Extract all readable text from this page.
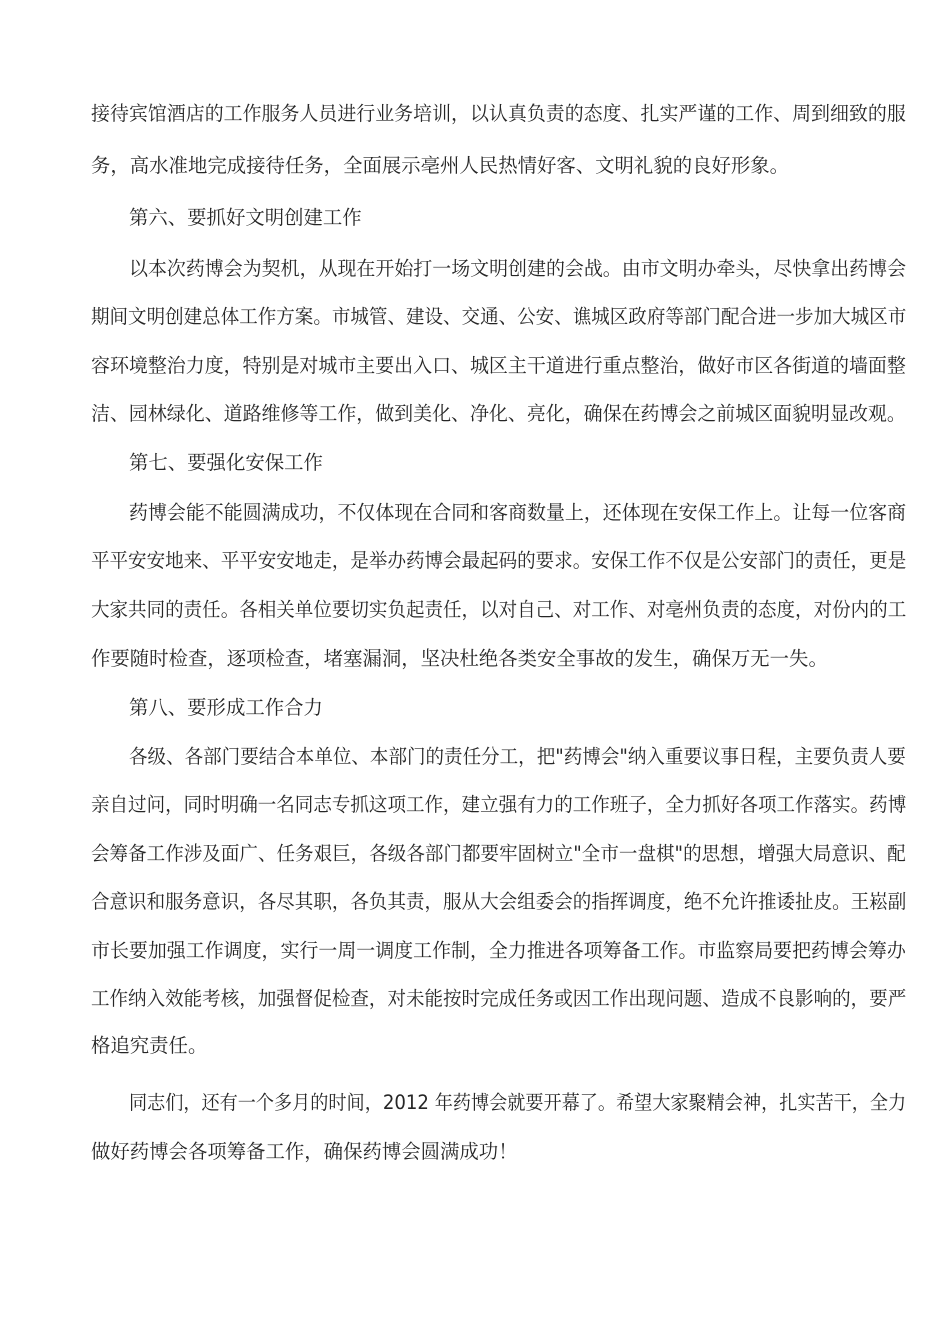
接待宾馆酒店的工作服务人员进行业务培训，以认真负责的态度、扎实严谨的工作、周到细致的服
务，高水准地完成接待任务，全面展示亳州人民热情好客、文明礼貌的良好形象。
第六、要抓好文明创建工作
以本次药博会为契机，从现在开始打一场文明创建的会战。由市文明办牵头，尽快拿出药博会
期间文明创建总体工作方案。市城管、建设、交通、公安、谯城区政府等部门配合进一步加大城区市
容环境整治力度，特别是对城市主要出入口、城区主干道进行重点整治，做好市区各街道的墙面整
洁、园林绿化、道路维修等工作，做到美化、净化、亮化，确保在药博会之前城区面貌明显改观。
第七、要强化安保工作
药博会能不能圆满成功，不仅体现在合同和客商数量上，还体现在安保工作上。让每一位客商
平平安安地来、平平安安地走，是举办药博会最起码的要求。安保工作不仅是公安部门的责任，更是
大家共同的责任。各相关单位要切实负起责任，以对自己、对工作、对亳州负责的态度，对份内的工
作要随时检查，逐项检查，堵塞漏洞，坚决杜绝各类安全事故的发生，确保万无一失。
第八、要形成工作合力
各级、各部门要结合本单位、本部门的责任分工，把"药博会"纳入重要议事日程，主要负责人要
亲自过问，同时明确一名同志专抓这项工作，建立强有力的工作班子，全力抓好各项工作落实。药博
会筹备工作涉及面广、任务艰巨，各级各部门都要牢固树立"全市一盘棋"的思想，增强大局意识、配
合意识和服务意识，各尽其职，各负其责，服从大会组委会的指挥调度，绝不允许推诿扯皮。王崧副
市长要加强工作调度，实行一周一调度工作制，全力推进各项筹备工作。市监察局要把药博会筹办
工作纳入效能考核，加强督促检查，对未能按时完成任务或因工作出现问题、造成不良影响的，要严
格追究责任。
同志们，还有一个多月的时间，2012 年药博会就要开幕了。希望大家聚精会神，扎实苦干，全力
做好药博会各项筹备工作，确保药博会圆满成功！
